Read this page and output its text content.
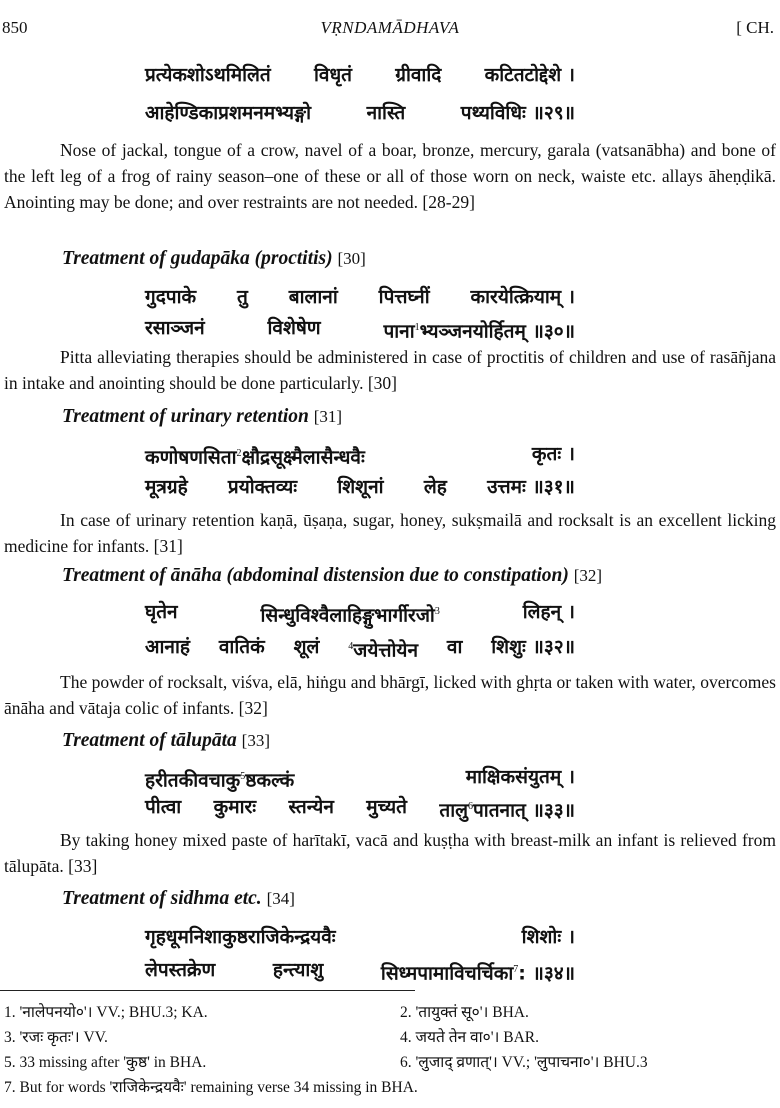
850	VṚNDAMĀDHAVA	[ CH.
प्रत्येकशोऽथमिलितं विधृतं ग्रीवादि कटितटोद्देशे ।
आहेण्डिकाप्रशमनमभ्यङ्गो	नास्ति	पथ्यविधिः ॥२९॥
Nose of jackal, tongue of a crow, navel of a boar, bronze, mercury, garala (vatsanābha) and bone of the left leg of a frog of rainy season–one of these or all of those worn on neck, waiste etc. allays āheṇḍikā. Anointing may be done; and over restraints are not needed. [28-29]
Treatment of gudapāka (proctitis) [30]
गुदपाके तु बालानां पित्तघ्नीं कारयेत्क्रियाम् ।
रसाञ्जनं	विशेषेण	पाना$^1$भ्यञ्जनयोर्हितम् ॥३०॥
Pitta alleviating therapies should be administered in case of proctitis of children and use of rasāñjana in intake and anointing should be done particularly. [30]
Treatment of urinary retention [31]
कणोषणसिता$^2$क्षौद्रसूक्ष्मैलासैन्धवैः	कृतः ।
मूत्रग्रहे प्रयोक्तव्यः शिशूनां लेह उत्तमः ॥३१॥
In case of urinary retention kaṇā, ūṣaṇa, sugar, honey, sukṣmailā and rocksalt is an excellent licking medicine for infants. [31]
Treatment of ānāha (abdominal distension due to constipation) [32]
घृतेन	सिन्धुविश्वैलाहिङ्गुभार्गीरजो$^3$	लिहन् ।
आनाहं वातिकं शूलं	$^4$जयेत्तोयेन वा शिशुः ॥३२॥
The powder of rocksalt, viśva, elā, hiṅgu and bhārgī, licked with ghṛta or taken with water, overcomes ānāha and vātaja colic of infants. [32]
Treatment of tālupāta [33]
हरीतकीवचाकु$^5$ष्ठकल्कं	माक्षिकसंयुतम् ।
पीत्वा कुमारः स्तन्येन मुच्यते तालु$^6$पातनात् ॥३३॥
By taking honey mixed paste of harītakī, vacā and kuṣṭha with breast-milk an infant is relieved from tālupāta. [33]
Treatment of sidhma etc. [34]
गृहधूमनिशाकुष्ठराजिकेन्द्रयवैः	शिशोः ।
लेपस्तक्रेण	हन्त्याशु	सिध्मपामाविचर्चिका$^7$: ॥३४॥
1. 'नालेपनयो०'। VV.; BHU.3; KA.	2. 'तायुक्तं सू०'। BHA.
3. 'रजः कृतः'। VV.	4. जयते तेन वा०'। BAR.
5. 33 missing after 'कुष्ठ' in BHA.	6. 'लुजाद् व्रणात्'। VV.; 'लुपाचना०'। BHU.3
7. But for words 'राजिकेन्द्रयवैः' remaining verse 34 missing in BHA.
